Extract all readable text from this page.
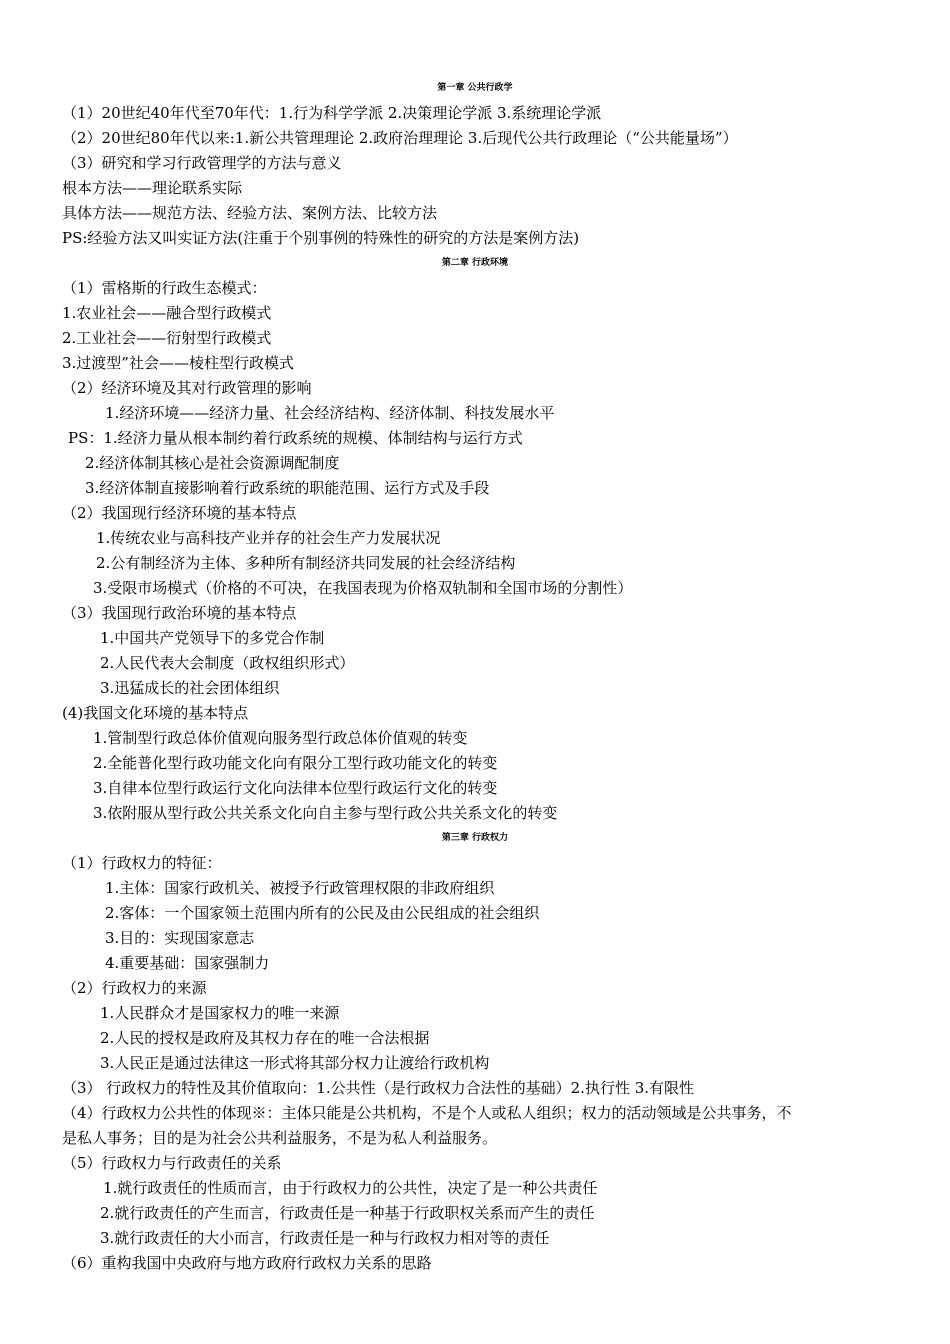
第一章 公共行政学
（1）20世纪40年代至70年代：1.行为科学学派 2.决策理论学派 3.系统理论学派
（2）20世纪80年代以来:1.新公共管理理论 2.政府治理理论 3.后现代公共行政理论（“公共能量场”）
（3）研究和学习行政管理学的方法与意义
根本方法——理论联系实际
具体方法——规范方法、经验方法、案例方法、比较方法
PS:经验方法又叫实证方法(注重于个别事例的特殊性的研究的方法是案例方法)
第二章 行政环境
（1）雷格斯的行政生态模式：
1.农业社会——融合型行政模式
2.工业社会——衍射型行政模式
3.过渡型”社会——棱柱型行政模式
（2）经济环境及其对行政管理的影响
1.经济环境——经济力量、社会经济结构、经济体制、科技发展水平
PS：1.经济力量从根本制约着行政系统的规模、体制结构与运行方式
2.经济体制其核心是社会资源调配制度
3.经济体制直接影响着行政系统的职能范围、运行方式及手段
（2）我国现行经济环境的基本特点
1.传统农业与高科技产业并存的社会生产力发展状况
2.公有制经济为主体、多种所有制经济共同发展的社会经济结构
3.受限市场模式（价格的不可决，在我国表现为价格双轨制和全国市场的分割性）
（3）我国现行政治环境的基本特点
1.中国共产党领导下的多党合作制
2.人民代表大会制度（政权组织形式）
3.迅猛成长的社会团体组织
(4)我国文化环境的基本特点
1.管制型行政总体价值观向服务型行政总体价值观的转变
2.全能普化型行政功能文化向有限分工型行政功能文化的转变
3.自律本位型行政运行文化向法律本位型行政运行文化的转变
3.依附服从型行政公共关系文化向自主参与型行政公共关系文化的转变
第三章 行政权力
（1）行政权力的特征：
1.主体：国家行政机关、被授予行政管理权限的非政府组织
2.客体：一个国家领土范围内所有的公民及由公民组成的社会组织
3.目的：实现国家意志
4.重要基础：国家强制力
（2）行政权力的来源
1.人民群众才是国家权力的唯一来源
2.人民的授权是政府及其权力存在的唯一合法根据
3.人民正是通过法律这一形式将其部分权力让渡给行政机构
（3） 行政权力的特性及其价值取向：1.公共性（是行政权力合法性的基础）2.执行性 3.有限性
（4）行政权力公共性的体现※：主体只能是公共机构，不是个人或私人组织；权力的活动领域是公共事务，不
是私人事务；目的是为社会公共利益服务，不是为私人利益服务。
（5）行政权力与行政责任的关系
1.就行政责任的性质而言，由于行政权力的公共性，决定了是一种公共责任
2.就行政责任的产生而言，行政责任是一种基于行政职权关系而产生的责任
3.就行政责任的大小而言，行政责任是一种与行政权力相对等的责任
（6）重构我国中央政府与地方政府行政权力关系的思路
